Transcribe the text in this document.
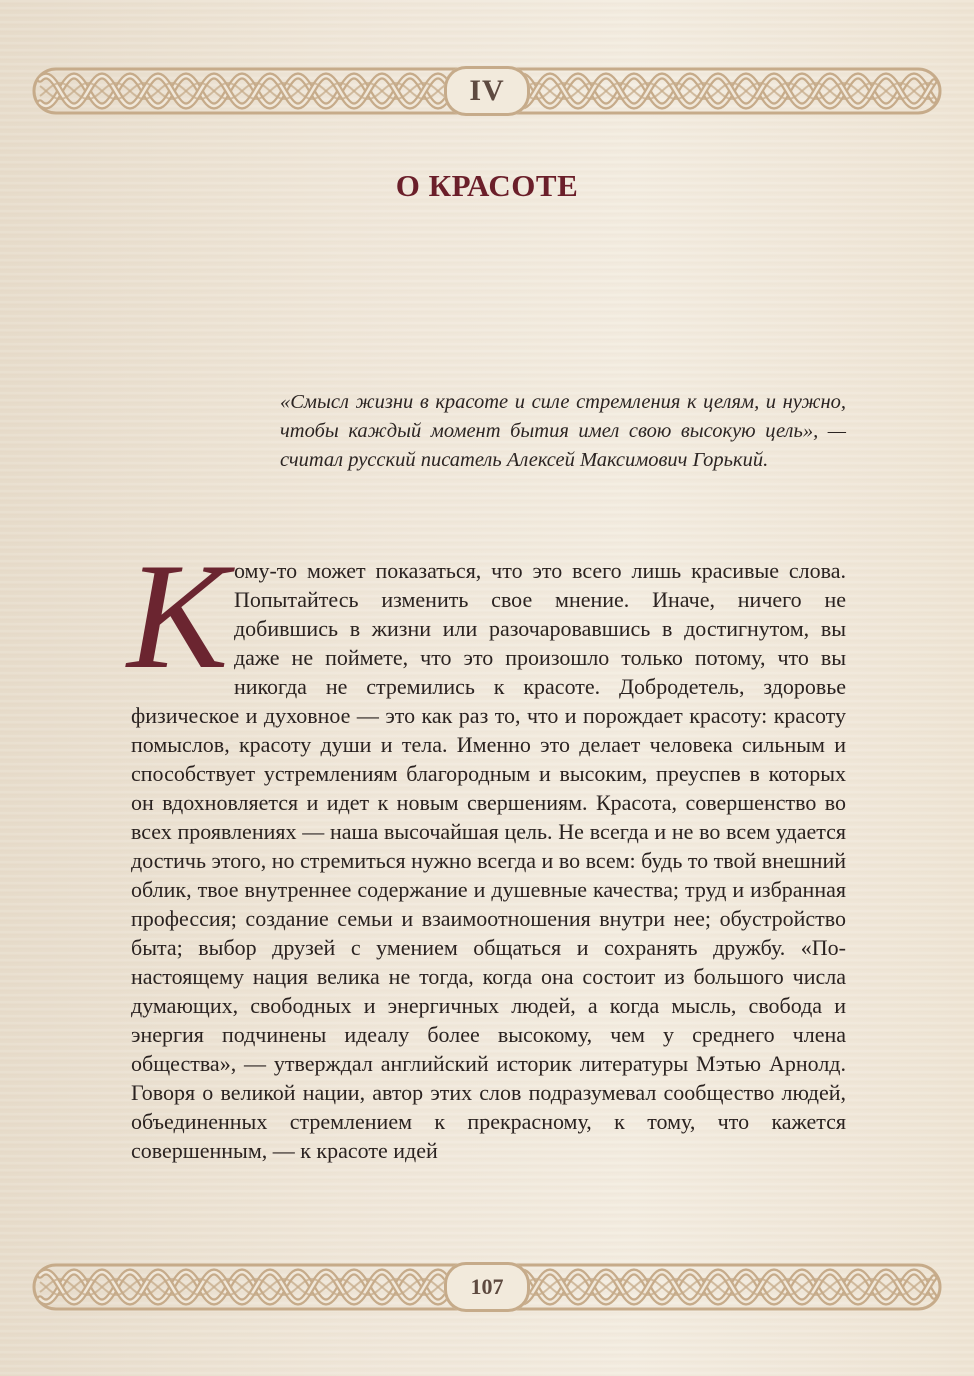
IV
О КРАСОТЕ

«Смысл жизни в красоте и силе стремления к целям, и нужно, чтобы каждый момент бытия имел свою высокую цель», — считал русский писатель Алексей Максимович Горький.

Кому-то может показаться, что это всего лишь красивые слова. Попытайтесь изменить свое мнение. Иначе, ничего не добившись в жизни или разочаровавшись в достигнутом, вы даже не поймете, что это произошло только потому, что вы никогда не стремились к красоте. Добродетель, здоровье физическое и духовное — это как раз то, что и порождает красоту: красоту помыслов, красоту души и тела. Именно это делает человека сильным и способствует устремлениям благородным и высоким, преуспев в которых он вдохновляется и идет к новым свершениям. Красота, совершенство во всех проявлениях — наша высочайшая цель. Не всегда и не во всем удается достичь этого, но стремиться нужно всегда и во всем: будь то твой внешний облик, твое внутреннее содержание и душевные качества; труд и избранная профессия; создание семьи и взаимоотношения внутри нее; обустройство быта; выбор друзей с умением общаться и сохранять дружбу. «По-настоящему нация велика не тогда, когда она состоит из большого числа думающих, свободных и энергичных людей, а когда мысль, свобода и энергия подчинены идеалу более высокому, чем у среднего члена общества», — утверждал английский историк литературы Мэтью Арнолд. Говоря о великой нации, автор этих слов подразумевал сообщество людей, объединенных стремлением к прекрасному, к тому, что кажется совершенным, — к красоте идей

107
